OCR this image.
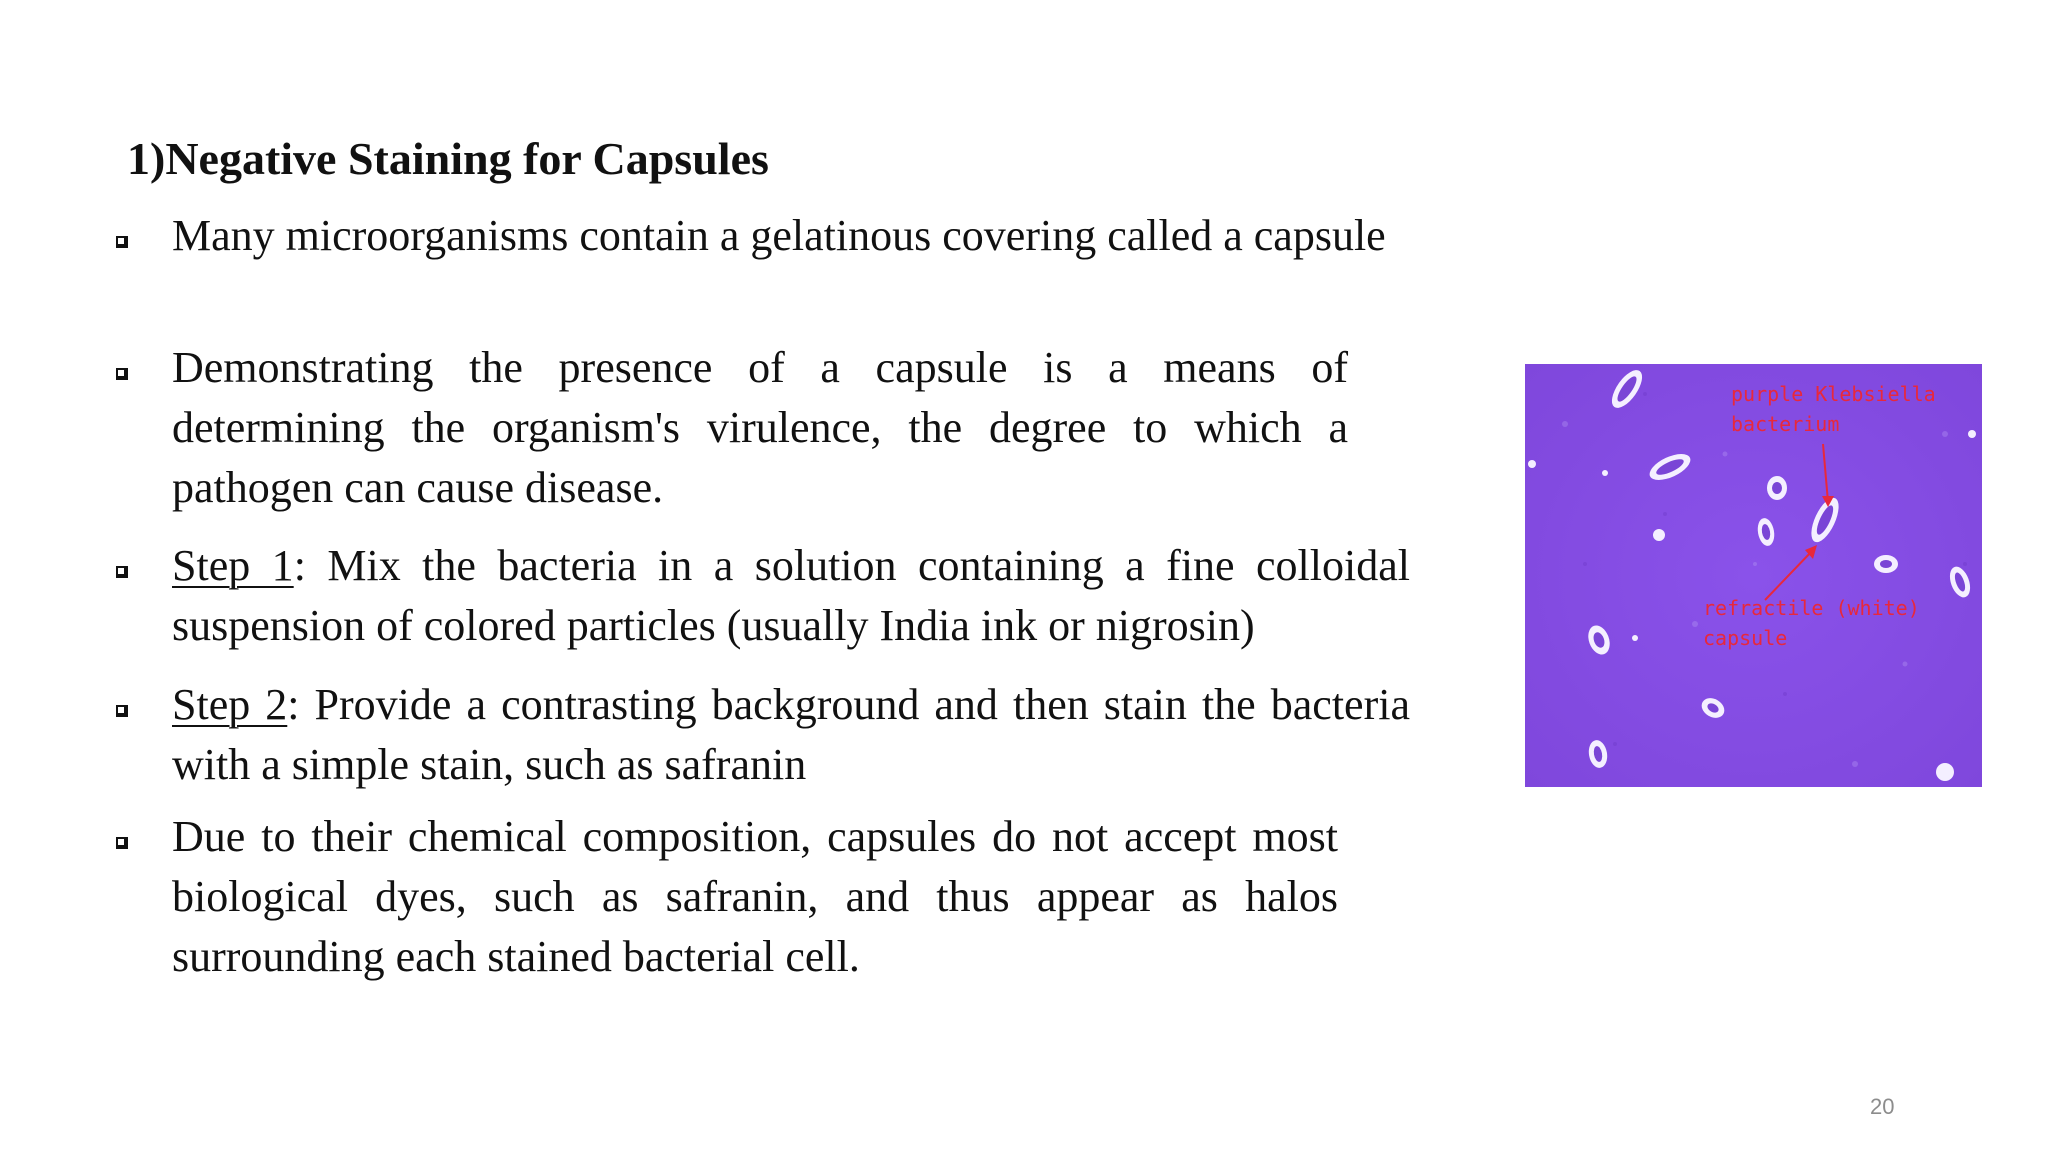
1)Negative Staining for Capsules
Many microorganisms contain a gelatinous covering called a capsule
Demonstrating the presence of a capsule is a means of determining the organism's virulence, the degree to which a pathogen can cause disease.
Step 1: Mix the bacteria in a solution containing a fine colloidal suspension of colored particles (usually India ink or nigrosin)
Step 2: Provide a contrasting background and then stain the bacteria with a simple stain, such as safranin
Due to their chemical composition, capsules do not accept most biological dyes, such as safranin, and thus appear as halos surrounding each stained bacterial cell.
purple Klebsiella
bacterium
refractile (white)
capsule
20
